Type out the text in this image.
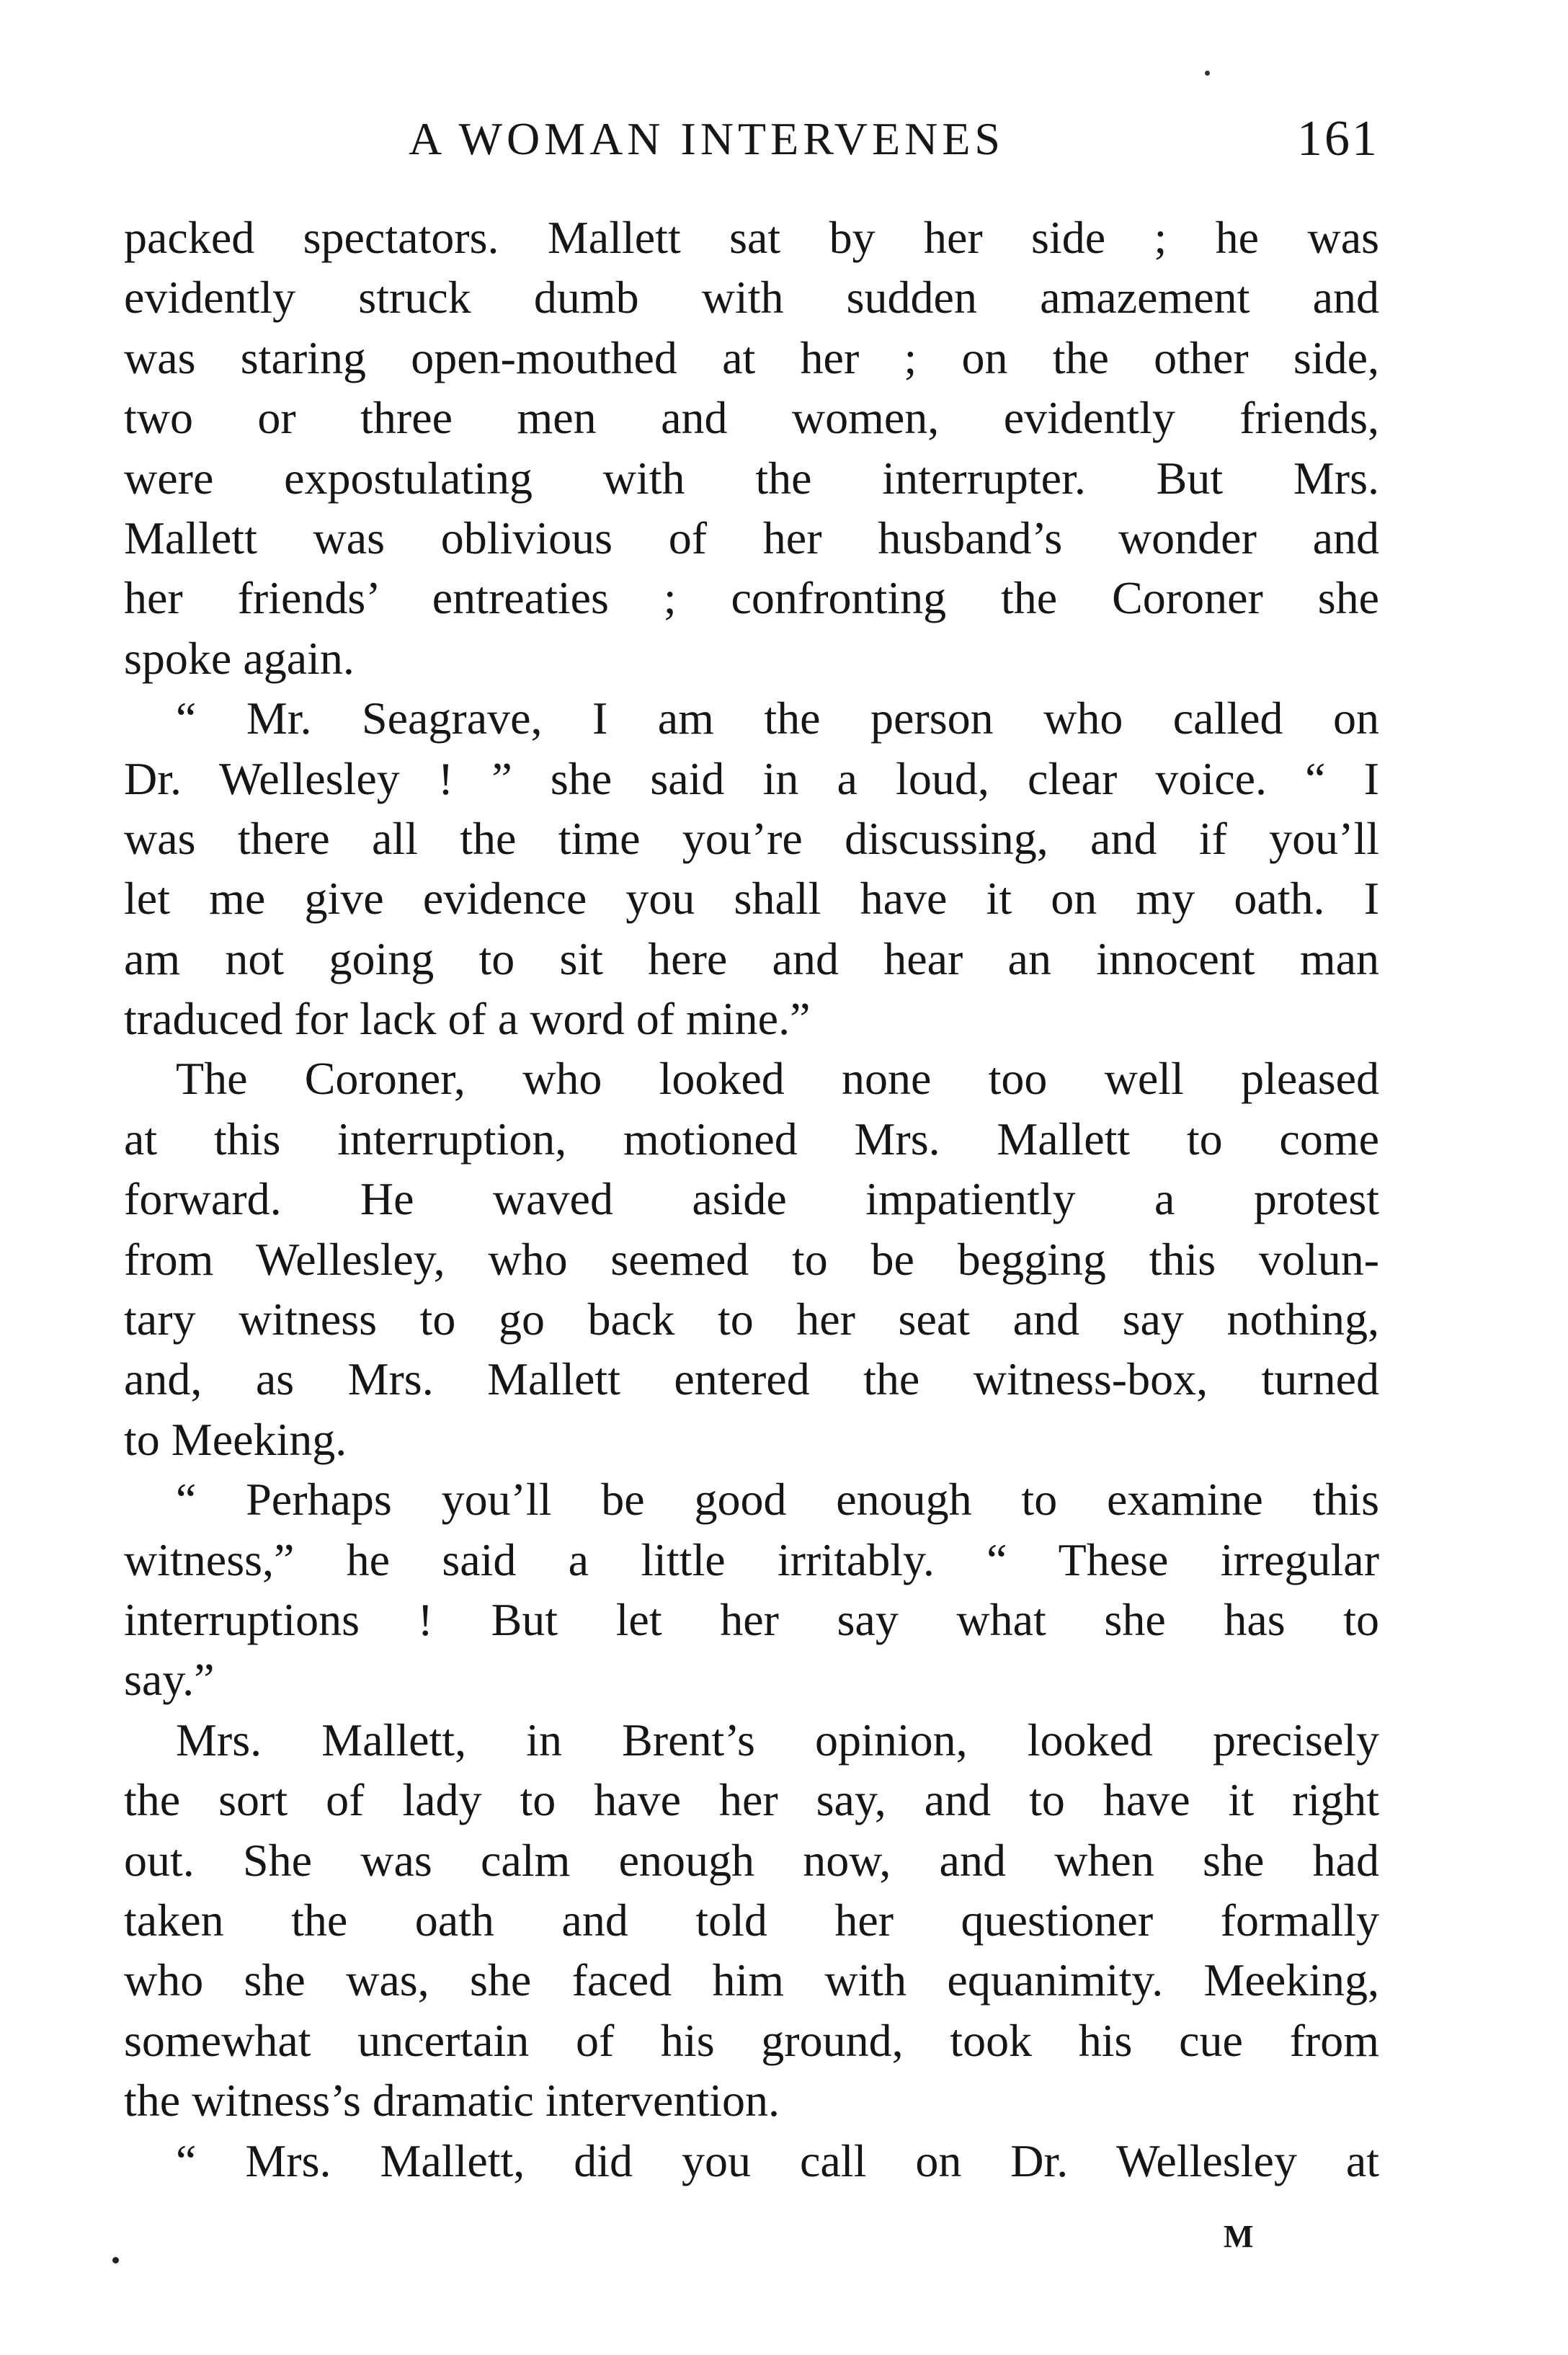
A WOMAN INTERVENES	161
packed spectators. Mallett sat by her side ; he was
evidently struck dumb with sudden amazement and
was staring open-mouthed at her ; on the other side,
two or three men and women, evidently friends,
were expostulating with the interrupter. But Mrs.
Mallett was oblivious of her husband’s wonder and
her friends’ entreaties ; confronting the Coroner she
spoke again.
“ Mr. Seagrave, I am the person who called on
Dr. Wellesley ! ” she said in a loud, clear voice. “ I
was there all the time you’re discussing, and if you’ll
let me give evidence you shall have it on my oath. I
am not going to sit here and hear an innocent man
traduced for lack of a word of mine.”
The Coroner, who looked none too well pleased
at this interruption, motioned Mrs. Mallett to come
forward. He waved aside impatiently a protest
from Wellesley, who seemed to be begging this volun-
tary witness to go back to her seat and say nothing,
and, as Mrs. Mallett entered the witness-box, turned
to Meeking.
“ Perhaps you’ll be good enough to examine this
witness,” he said a little irritably. “ These irregular
interruptions ! But let her say what she has to
say.”
Mrs. Mallett, in Brent’s opinion, looked precisely
the sort of lady to have her say, and to have it right
out. She was calm enough now, and when she had
taken the oath and told her questioner formally
who she was, she faced him with equanimity. Meeking,
somewhat uncertain of his ground, took his cue from
the witness’s dramatic intervention.
“ Mrs. Mallett, did you call on Dr. Wellesley at
M
